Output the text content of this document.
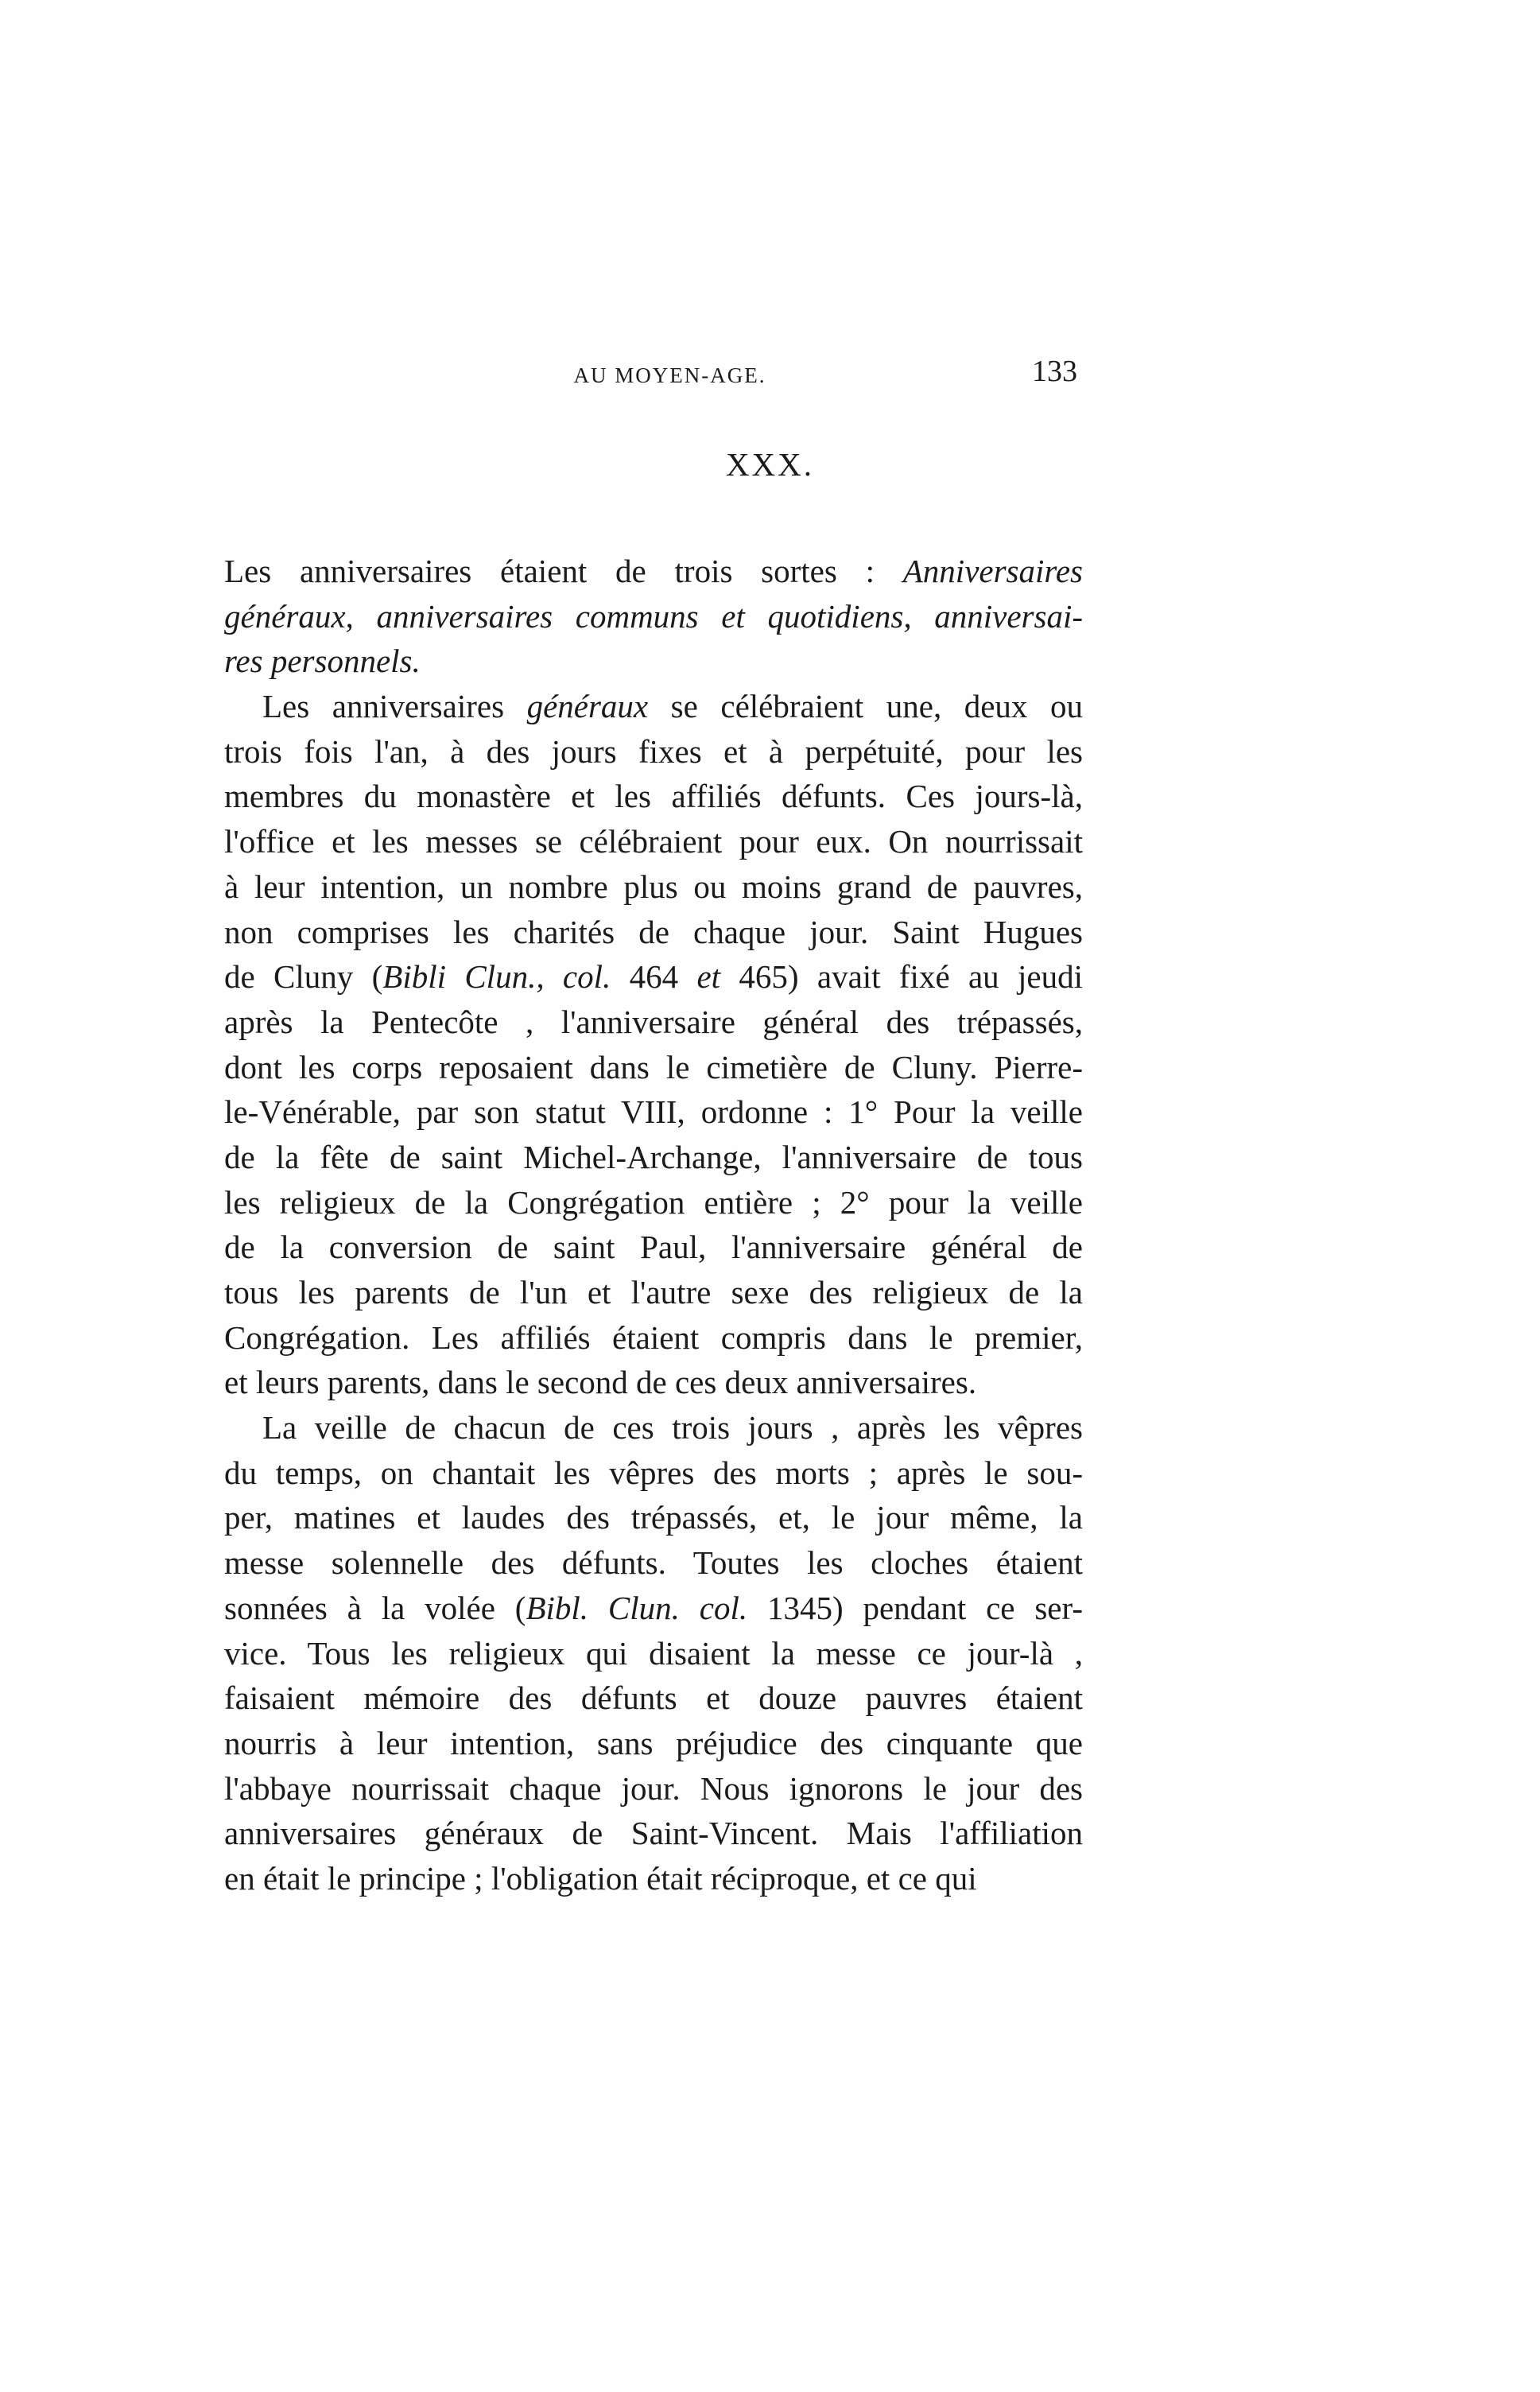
AU MOYEN-AGE.	133
XXX.
Les anniversaires étaient de trois sortes : Anniversaires
généraux, anniversaires communs et quotidiens, anniversai-
res personnels.
Les anniversaires généraux se célébraient une, deux ou
trois fois l'an, à des jours fixes et à perpétuité, pour les
membres du monastère et les affiliés défunts. Ces jours-là,
l'office et les messes se célébraient pour eux. On nourrissait
à leur intention, un nombre plus ou moins grand de pauvres,
non comprises les charités de chaque jour. Saint Hugues
de Cluny (Bibli Clun., col. 464 et 465) avait fixé au jeudi
après la Pentecôte , l'anniversaire général des trépassés,
dont les corps reposaient dans le cimetière de Cluny. Pierre-
le-Vénérable, par son statut VIII, ordonne : 1° Pour la veille
de la fête de saint Michel-Archange, l'anniversaire de tous
les religieux de la Congrégation entière ; 2° pour la veille
de la conversion de saint Paul, l'anniversaire général de
tous les parents de l'un et l'autre sexe des religieux de la
Congrégation. Les affiliés étaient compris dans le premier,
et leurs parents, dans le second de ces deux anniversaires.
La veille de chacun de ces trois jours , après les vêpres
du temps, on chantait les vêpres des morts ; après le sou-
per, matines et laudes des trépassés, et, le jour même, la
messe solennelle des défunts. Toutes les cloches étaient
sonnées à la volée (Bibl. Clun. col. 1345) pendant ce ser-
vice. Tous les religieux qui disaient la messe ce jour-là ,
faisaient mémoire des défunts et douze pauvres étaient
nourris à leur intention, sans préjudice des cinquante que
l'abbaye nourrissait chaque jour. Nous ignorons le jour des
anniversaires généraux de Saint-Vincent. Mais l'affiliation
en était le principe ; l'obligation était réciproque, et ce qui
